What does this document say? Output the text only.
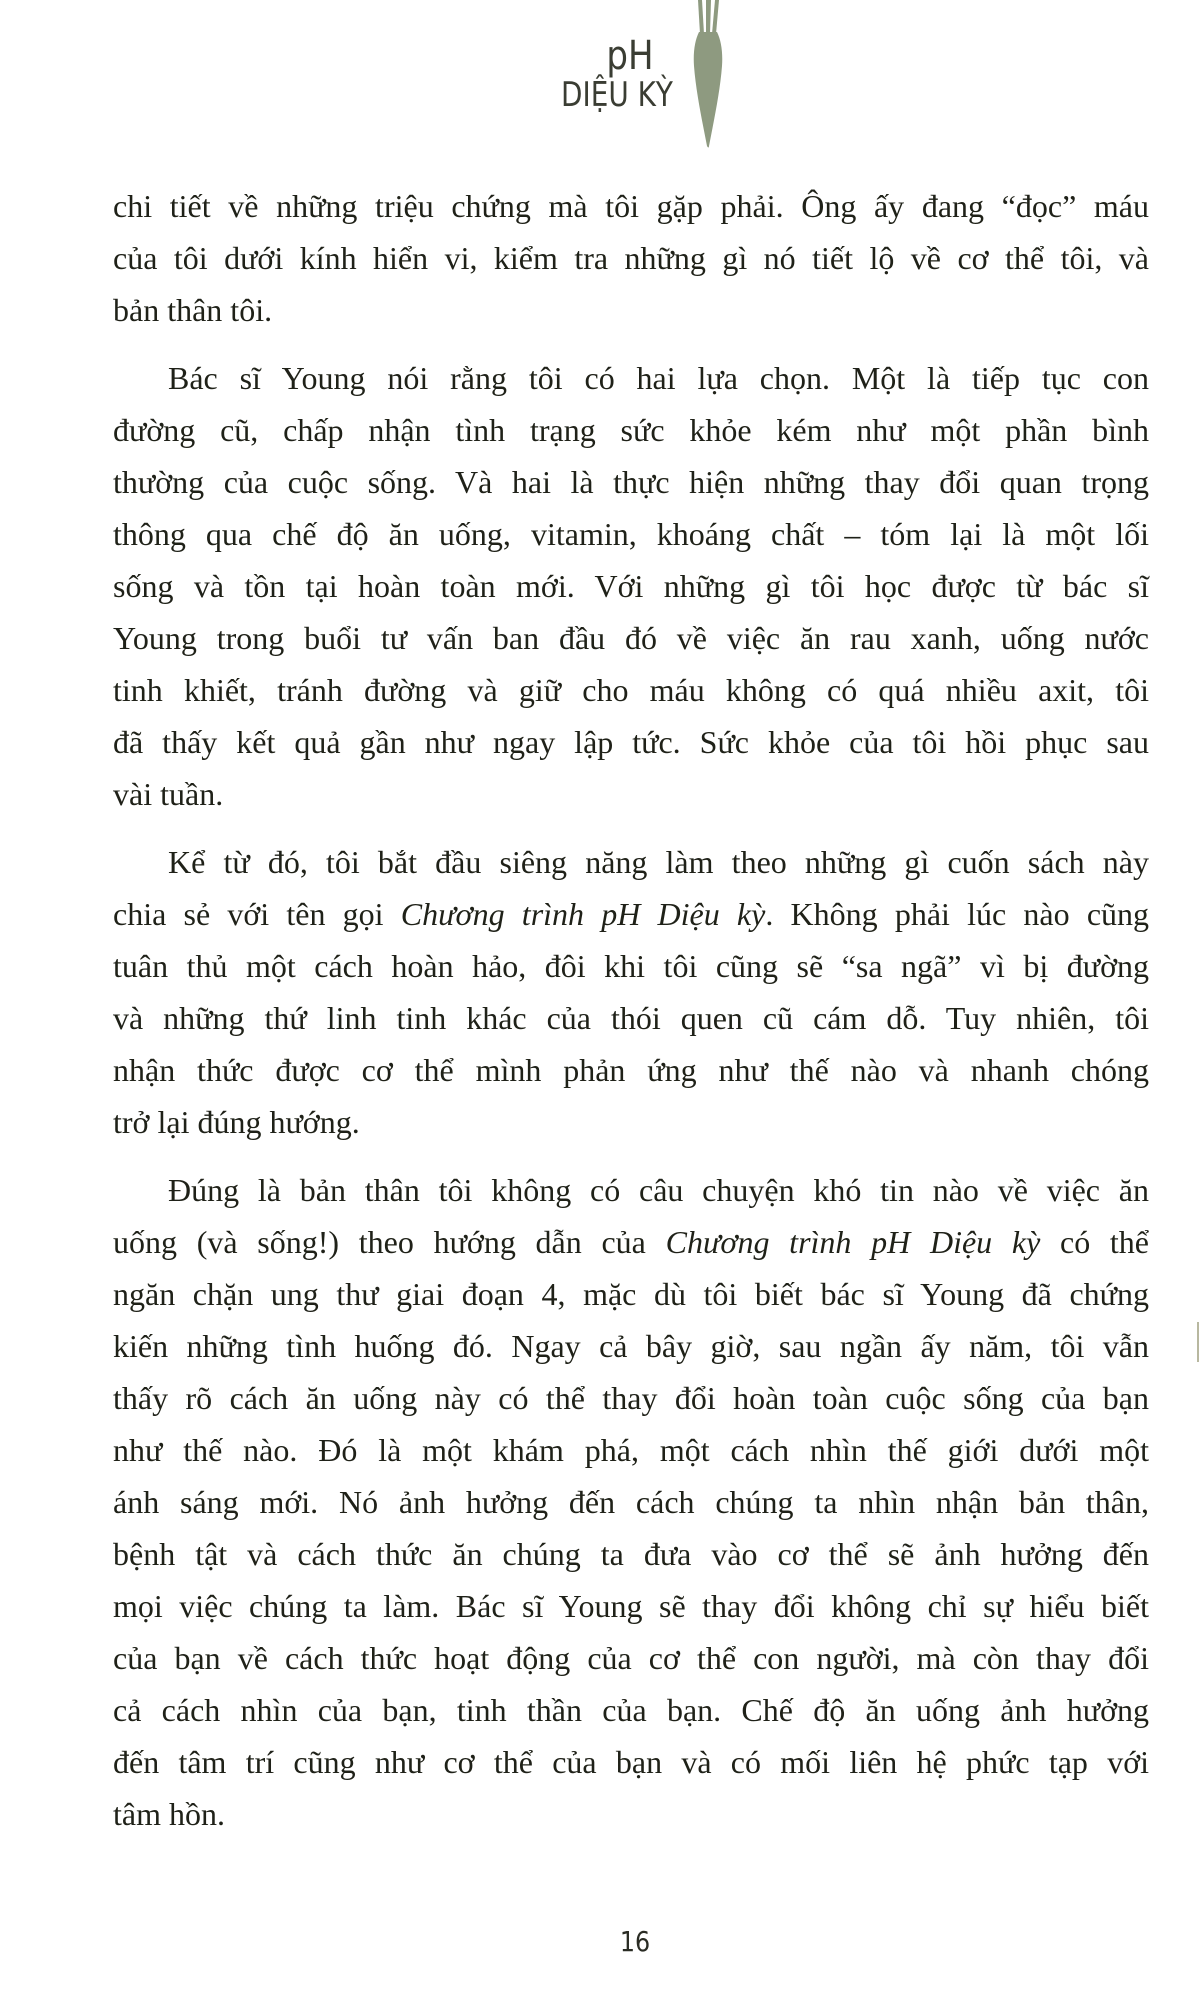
pH
DIỆU KỲ
chi tiết về những triệu chứng mà tôi gặp phải. Ông ấy đang “đọc” máu
của tôi dưới kính hiển vi, kiểm tra những gì nó tiết lộ về cơ thể tôi, và
bản thân tôi.
Bác sĩ Young nói rằng tôi có hai lựa chọn. Một là tiếp tục con
đường cũ, chấp nhận tình trạng sức khỏe kém như một phần bình
thường của cuộc sống. Và hai là thực hiện những thay đổi quan trọng
thông qua chế độ ăn uống, vitamin, khoáng chất – tóm lại là một lối
sống và tồn tại hoàn toàn mới. Với những gì tôi học được từ bác sĩ
Young trong buổi tư vấn ban đầu đó về việc ăn rau xanh, uống nước
tinh khiết, tránh đường và giữ cho máu không có quá nhiều axit, tôi
đã thấy kết quả gần như ngay lập tức. Sức khỏe của tôi hồi phục sau
vài tuần.
Kể từ đó, tôi bắt đầu siêng năng làm theo những gì cuốn sách này
chia sẻ với tên gọi Chương trình pH Diệu kỳ. Không phải lúc nào cũng
tuân thủ một cách hoàn hảo, đôi khi tôi cũng sẽ “sa ngã” vì bị đường
và những thứ linh tinh khác của thói quen cũ cám dỗ. Tuy nhiên, tôi
nhận thức được cơ thể mình phản ứng như thế nào và nhanh chóng
trở lại đúng hướng.
Đúng là bản thân tôi không có câu chuyện khó tin nào về việc ăn
uống (và sống!) theo hướng dẫn của Chương trình pH Diệu kỳ có thể
ngăn chặn ung thư giai đoạn 4, mặc dù tôi biết bác sĩ Young đã chứng
kiến những tình huống đó. Ngay cả bây giờ, sau ngần ấy năm, tôi vẫn
thấy rõ cách ăn uống này có thể thay đổi hoàn toàn cuộc sống của bạn
như thế nào. Đó là một khám phá, một cách nhìn thế giới dưới một
ánh sáng mới. Nó ảnh hưởng đến cách chúng ta nhìn nhận bản thân,
bệnh tật và cách thức ăn chúng ta đưa vào cơ thể sẽ ảnh hưởng đến
mọi việc chúng ta làm. Bác sĩ Young sẽ thay đổi không chỉ sự hiểu biết
của bạn về cách thức hoạt động của cơ thể con người, mà còn thay đổi
cả cách nhìn của bạn, tinh thần của bạn. Chế độ ăn uống ảnh hưởng
đến tâm trí cũng như cơ thể của bạn và có mối liên hệ phức tạp với
tâm hồn.
16
